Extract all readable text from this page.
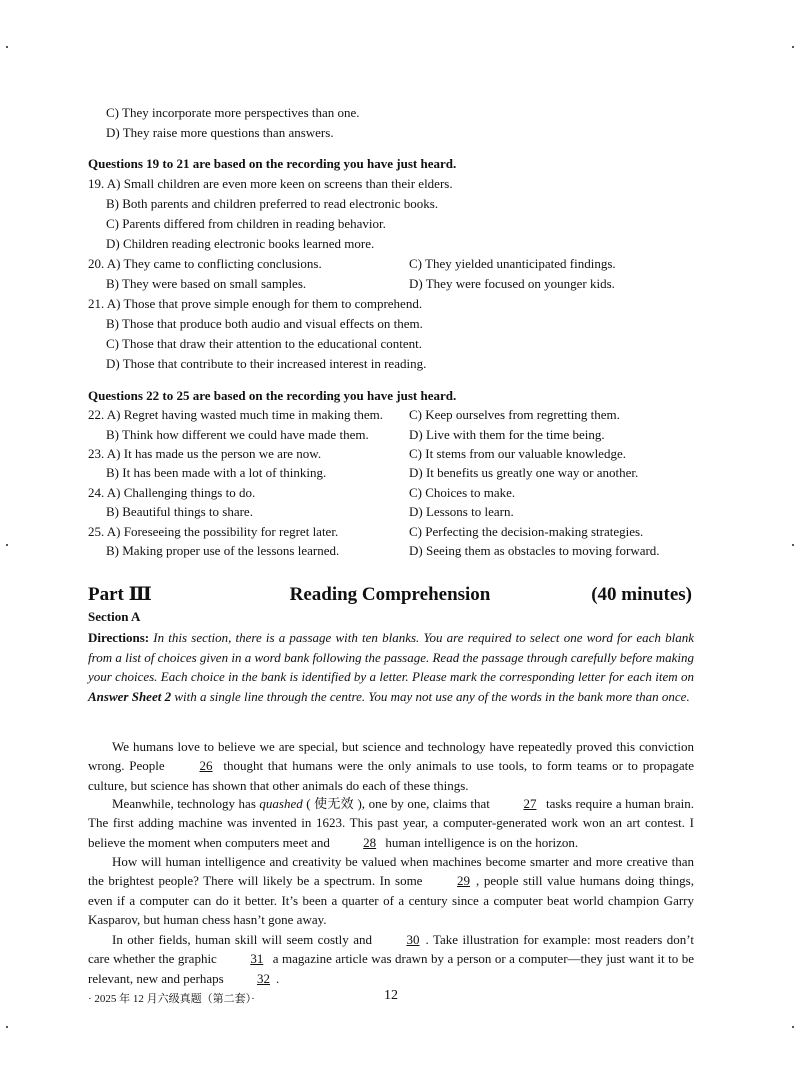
C) They incorporate more perspectives than one.
D) They raise more questions than answers.
Questions 19 to 21 are based on the recording you have just heard.
19. A) Small children are even more keen on screens than their elders.
B) Both parents and children preferred to read electronic books.
C) Parents differed from children in reading behavior.
D) Children reading electronic books learned more.
20. A) They came to conflicting conclusions.	C) They yielded unanticipated findings.
B) They were based on small samples.	D) They were focused on younger kids.
21. A) Those that prove simple enough for them to comprehend.
B) Those that produce both audio and visual effects on them.
C) Those that draw their attention to the educational content.
D) Those that contribute to their increased interest in reading.
Questions 22 to 25 are based on the recording you have just heard.
22. A) Regret having wasted much time in making them. C) Keep ourselves from regretting them.
B) Think how different we could have made them.	D) Live with them for the time being.
23. A) It has made us the person we are now.	C) It stems from our valuable knowledge.
B) It has been made with a lot of thinking.	D) It benefits us greatly one way or another.
24. A) Challenging things to do.	C) Choices to make.
B) Beautiful things to share.	D) Lessons to learn.
25. A) Foreseeing the possibility for regret later.	C) Perfecting the decision-making strategies.
B) Making proper use of the lessons learned.	D) Seeing them as obstacles to moving forward.
Part Ⅲ	Reading Comprehension	(40 minutes)
Section A
Directions: In this section, there is a passage with ten blanks. You are required to select one word for each blank from a list of choices given in a word bank following the passage. Read the passage through carefully before making your choices. Each choice in the bank is identified by a letter. Please mark the corresponding letter for each item on Answer Sheet 2 with a single line through the centre. You may not use any of the words in the bank more than once.
We humans love to believe we are special, but science and technology have repeatedly proved this conviction wrong. People 26 thought that humans were the only animals to use tools, to form teams or to propagate culture, but science has shown that other animals do each of these things.
Meanwhile, technology has quashed ( 使无效 ), one by one, claims that 27 tasks require a human brain. The first adding machine was invented in 1623. This past year, a computer-generated work won an art contest. I believe the moment when computers meet and 28 human intelligence is on the horizon.
How will human intelligence and creativity be valued when machines become smarter and more creative than the brightest people? There will likely be a spectrum. In some 29 , people still value humans doing things, even if a computer can do it better. It’s been a quarter of a century since a computer beat world champion Garry Kasparov, but human chess hasn’t gone away.
In other fields, human skill will seem costly and 30 . Take illustration for example: most readers don’t care whether the graphic 31 a magazine article was drawn by a person or a computer—they just want it to be relevant, new and perhaps 32 .
· 2025 年 12 月六级真题（第二套）·	12
